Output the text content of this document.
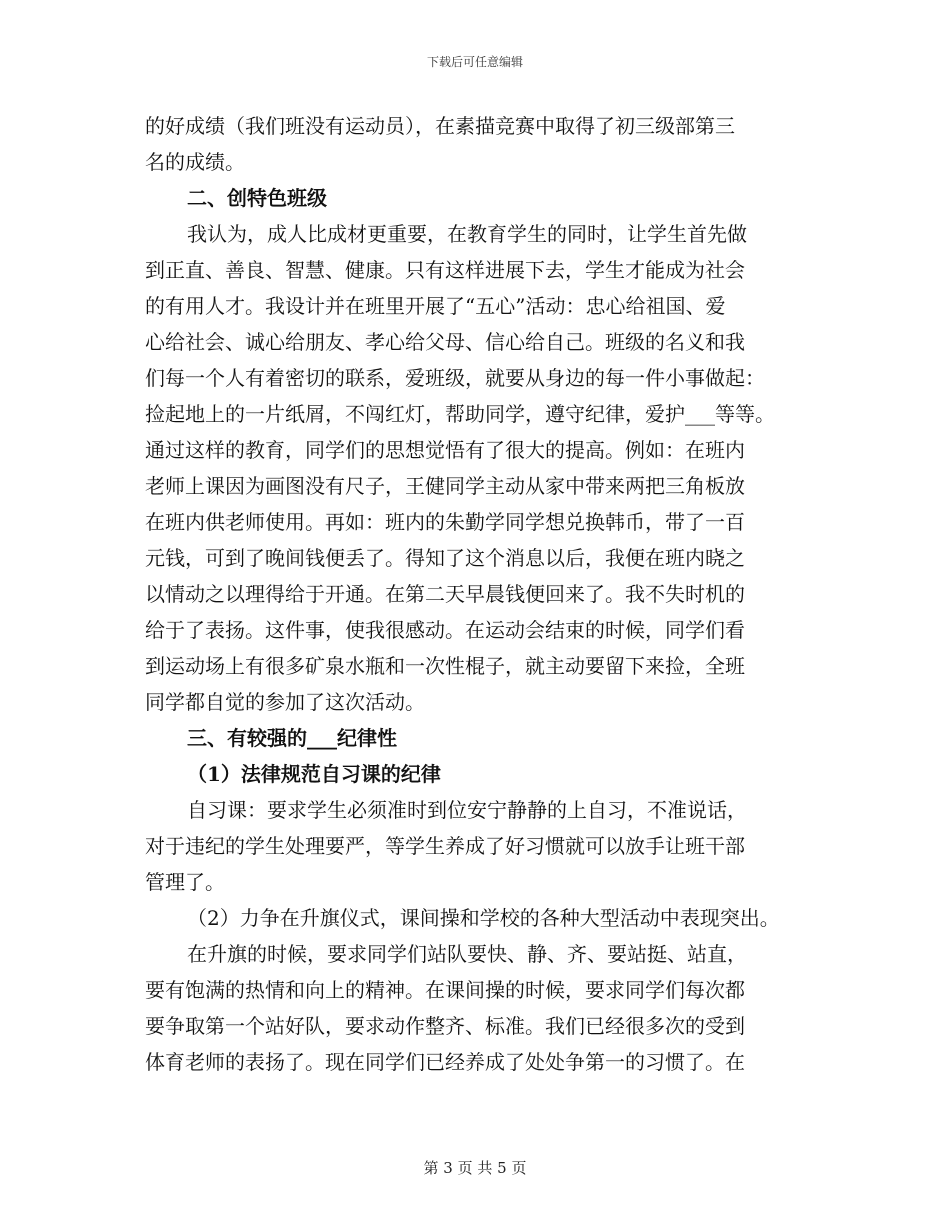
下载后可任意编辑
的好成绩（我们班没有运动员），在素描竞赛中取得了初三级部第三
名的成绩。
二、创特色班级
我认为，成人比成材更重要，在教育学生的同时，让学生首先做
到正直、善良、智慧、健康。只有这样进展下去，学生才能成为社会
的有用人才。我设计并在班里开展了“五心”活动：忠心给祖国、爱
心给社会、诚心给朋友、孝心给父母、信心给自己。班级的名义和我
们每一个人有着密切的联系，爱班级，就要从身边的每一件小事做起：
捡起地上的一片纸屑，不闯红灯，帮助同学，遵守纪律，爱护___等等。
通过这样的教育，同学们的思想觉悟有了很大的提高。例如：在班内
老师上课因为画图没有尺子，王健同学主动从家中带来两把三角板放
在班内供老师使用。再如：班内的朱勤学同学想兑换韩币，带了一百
元钱，可到了晚间钱便丢了。得知了这个消息以后，我便在班内晓之
以情动之以理得给于开通。在第二天早晨钱便回来了。我不失时机的
给于了表扬。这件事，使我很感动。在运动会结束的时候，同学们看
到运动场上有很多矿泉水瓶和一次性棍子，就主动要留下来捡，全班
同学都自觉的参加了这次活动。
三、有较强的___纪律性
（1）法律规范自习课的纪律
自习课：要求学生必须准时到位安宁静静的上自习，不准说话，
对于违纪的学生处理要严，等学生养成了好习惯就可以放手让班干部
管理了。
（2）力争在升旗仪式，课间操和学校的各种大型活动中表现突出。
在升旗的时候，要求同学们站队要快、静、齐、要站挺、站直，
要有饱满的热情和向上的精神。在课间操的时候，要求同学们每次都
要争取第一个站好队，要求动作整齐、标准。我们已经很多次的受到
体育老师的表扬了。现在同学们已经养成了处处争第一的习惯了。在
第 3 页 共 5 页
